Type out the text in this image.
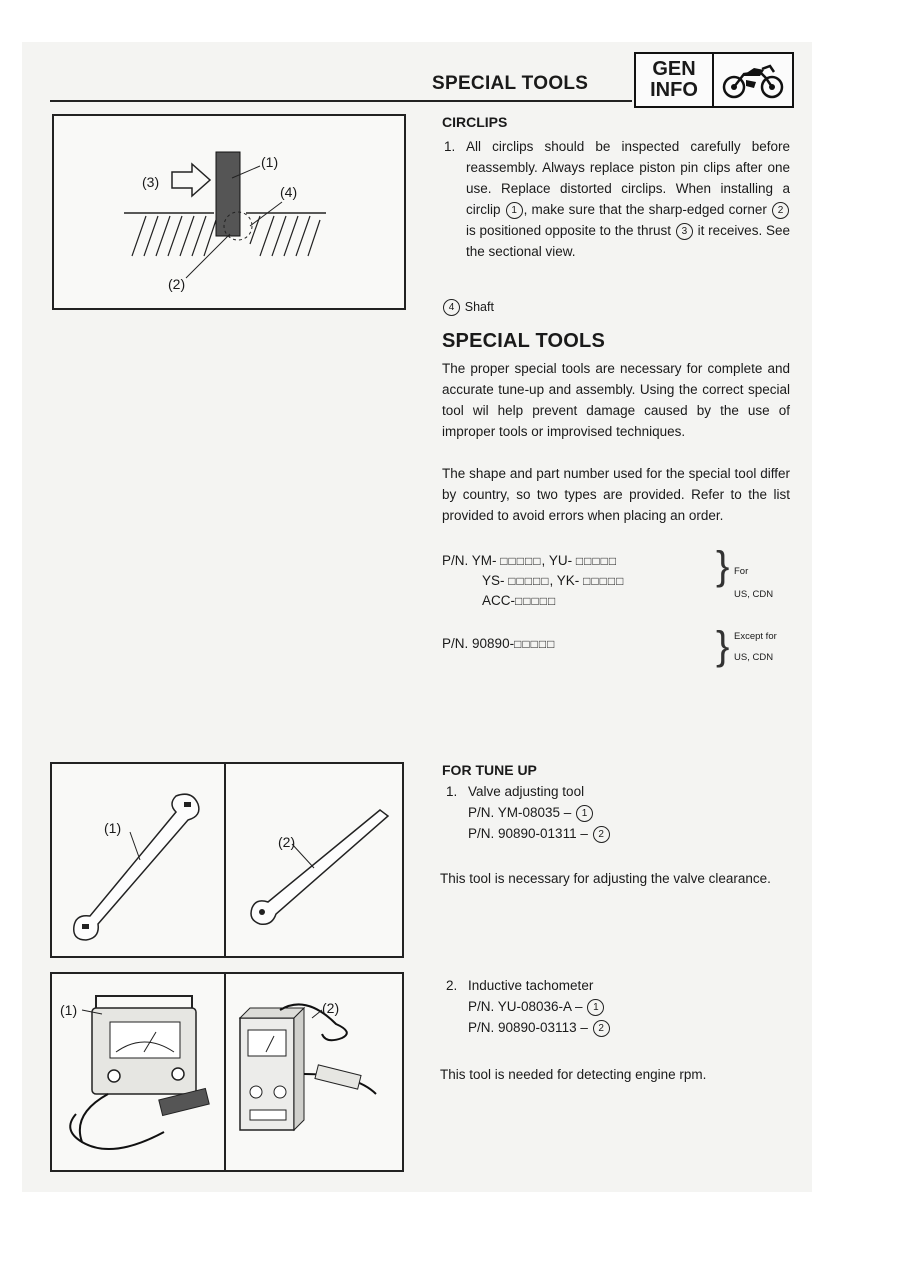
SPECIAL TOOLS
GEN
INFO
(3)
(1)
(4)
(2)
CIRCLIPS
1. All circlips should be inspected carefully before reassembly. Always replace piston pin clips after one use. Replace distorted circlips. When installing a circlip 1 , make sure that the sharp-edged corner 2 is positioned opposite to the thrust 3 it receives. See the sectional view.
4 Shaft
SPECIAL TOOLS
The proper special tools are necessary for complete and accurate tune-up and assembly. Using the correct special tool wil help prevent damage caused by the use of improper tools or improvised techniques.
The shape and part number used for the special tool differ by country, so two types are provided. Refer to the list provided to avoid errors when placing an order.
P/N. YM- □□□□□, YU- □□□□□
YS- □□□□□, YK- □□□□□
ACC-□□□□□
} For
US, CDN
P/N. 90890-□□□□□	} Except for
US, CDN
(1)
(2)
FOR TUNE UP
1. Valve adjusting tool
P/N. YM-08035 – 1
P/N. 90890-01311 – 2
This tool is necessary for adjusting the valve clearance.
(1)	(2)
2. Inductive tachometer
P/N. YU-08036-A – 1
P/N. 90890-03113 – 2
This tool is needed for detecting engine rpm.
